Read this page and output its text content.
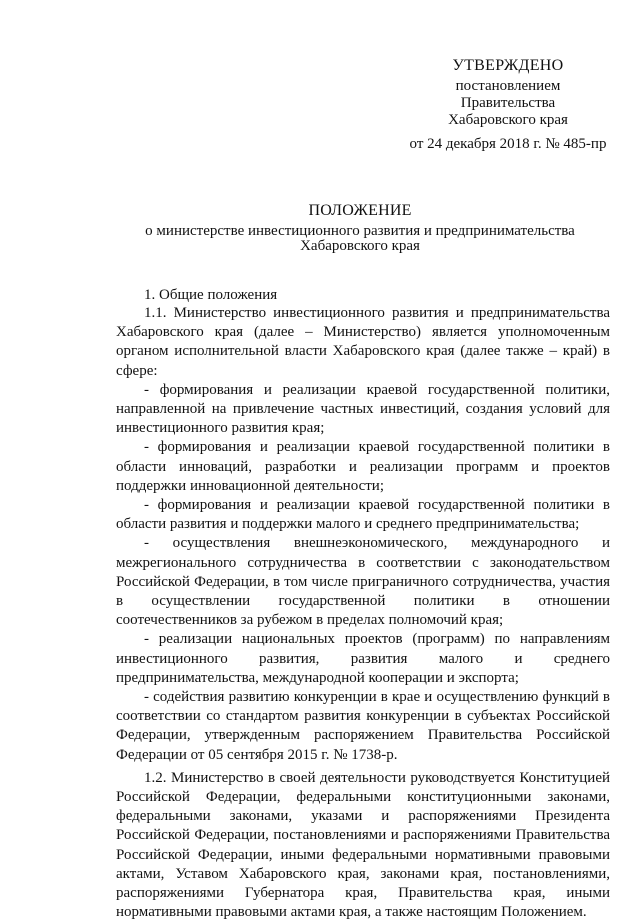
УТВЕРЖДЕНО
постановлением
Правительства
Хабаровского края
от 24 декабря 2018 г. № 485-пр
ПОЛОЖЕНИЕ
о министерстве инвестиционного развития и предпринимательства
Хабаровского края
1. Общие положения

1.1. Министерство инвестиционного развития и предпринимательства Хабаровского края (далее – Министерство) является уполномоченным органом исполнительной власти Хабаровского края (далее также – край) в сфере:

- формирования и реализации краевой государственной политики, направленной на привлечение частных инвестиций, создания условий для инвестиционного развития края;

- формирования и реализации краевой государственной политики в области инноваций, разработки и реализации программ и проектов поддержки инновационной деятельности;

- формирования и реализации краевой государственной политики в области развития и поддержки малого и среднего предпринимательства;

- осуществления внешнеэкономического, международного и межрегионального сотрудничества в соответствии с законодательством Российской Федерации, в том числе приграничного сотрудничества, участия в осуществлении государственной политики в отношении соотечественников за рубежом в пределах полномочий края;

- реализации национальных проектов (программ) по направлениям инвестиционного развития, развития малого и среднего предпринимательства, международной кооперации и экспорта;

- содействия развитию конкуренции в крае и осуществлению функций в соответствии со стандартом развития конкуренции в субъектах Российской Федерации, утвержденным распоряжением Правительства Российской Федерации от 05 сентября 2015 г. № 1738-р.

1.2. Министерство в своей деятельности руководствуется Конституцией Российской Федерации, федеральными конституционными законами, федеральными законами, указами и распоряжениями Президента Российской Федерации, постановлениями и распоряжениями Правительства Российской Федерации, иными федеральными нормативными правовыми актами, Уставом Хабаровского края, законами края, постановлениями, распоряжениями Губернатора края, Правительства края, иными нормативными правовыми актами края, а также настоящим Положением.
